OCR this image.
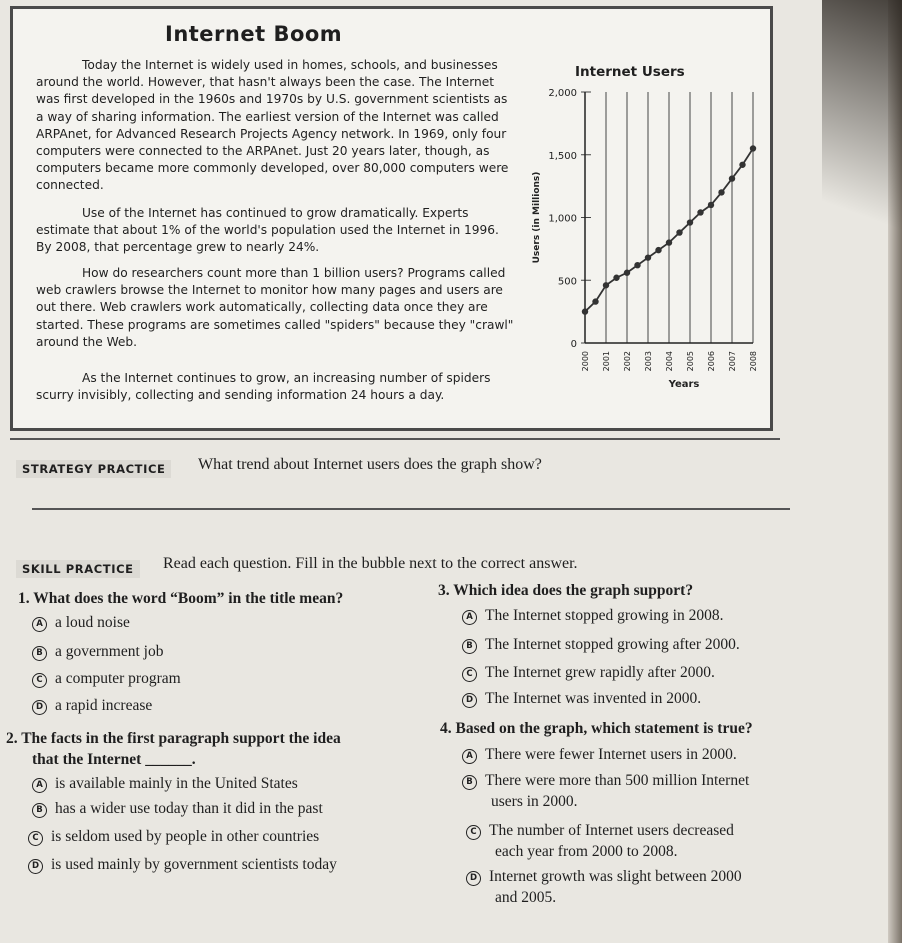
Internet Boom

Today the Internet is widely used in homes, schools, and businesses around the world. However, that hasn't always been the case. The Internet was first developed in the 1960s and 1970s by U.S. government scientists as a way of sharing information. The earliest version of the Internet was called ARPAnet, for Advanced Research Projects Agency network. In 1969, only four computers were connected to the ARPAnet. Just 20 years later, though, as computers became more commonly developed, over 80,000 computers were connected.

Use of the Internet has continued to grow dramatically. Experts estimate that about 1% of the world's population used the Internet in 1996. By 2008, that percentage grew to nearly 24%.

How do researchers count more than 1 billion users? Programs called web crawlers browse the Internet to monitor how many pages and users are out there. Web crawlers work automatically, collecting data once they are started. These programs are sometimes called "spiders" because they "crawl" around the Web.

As the Internet continues to grow, an increasing number of spiders scurry invisibly, collecting and sending information 24 hours a day.

Internet Users
2,000
1,500
1,000
500
0
2000 2001 2002 2003 2004 2005 2006 2007 2008
Years
Users (in Millions)
STRATEGY PRACTICE	What trend about Internet users does the graph show?
SKILL PRACTICE	Read each question. Fill in the bubble next to the correct answer.
1. What does the word “Boom” in the title mean?
A a loud noise
B a government job
C a computer program
D a rapid increase
2. The facts in the first paragraph support the idea
that the Internet ______.
A is available mainly in the United States
B has a wider use today than it did in the past
C is seldom used by people in other countries
D is used mainly by government scientists today
3. Which idea does the graph support?
A The Internet stopped growing in 2008.
B The Internet stopped growing after 2000.
C The Internet grew rapidly after 2000.
D The Internet was invented in 2000.
4. Based on the graph, which statement is true?
A There were fewer Internet users in 2000.
B There were more than 500 million Internet
users in 2000.
C The number of Internet users decreased
each year from 2000 to 2008.
D Internet growth was slight between 2000
and 2005.
